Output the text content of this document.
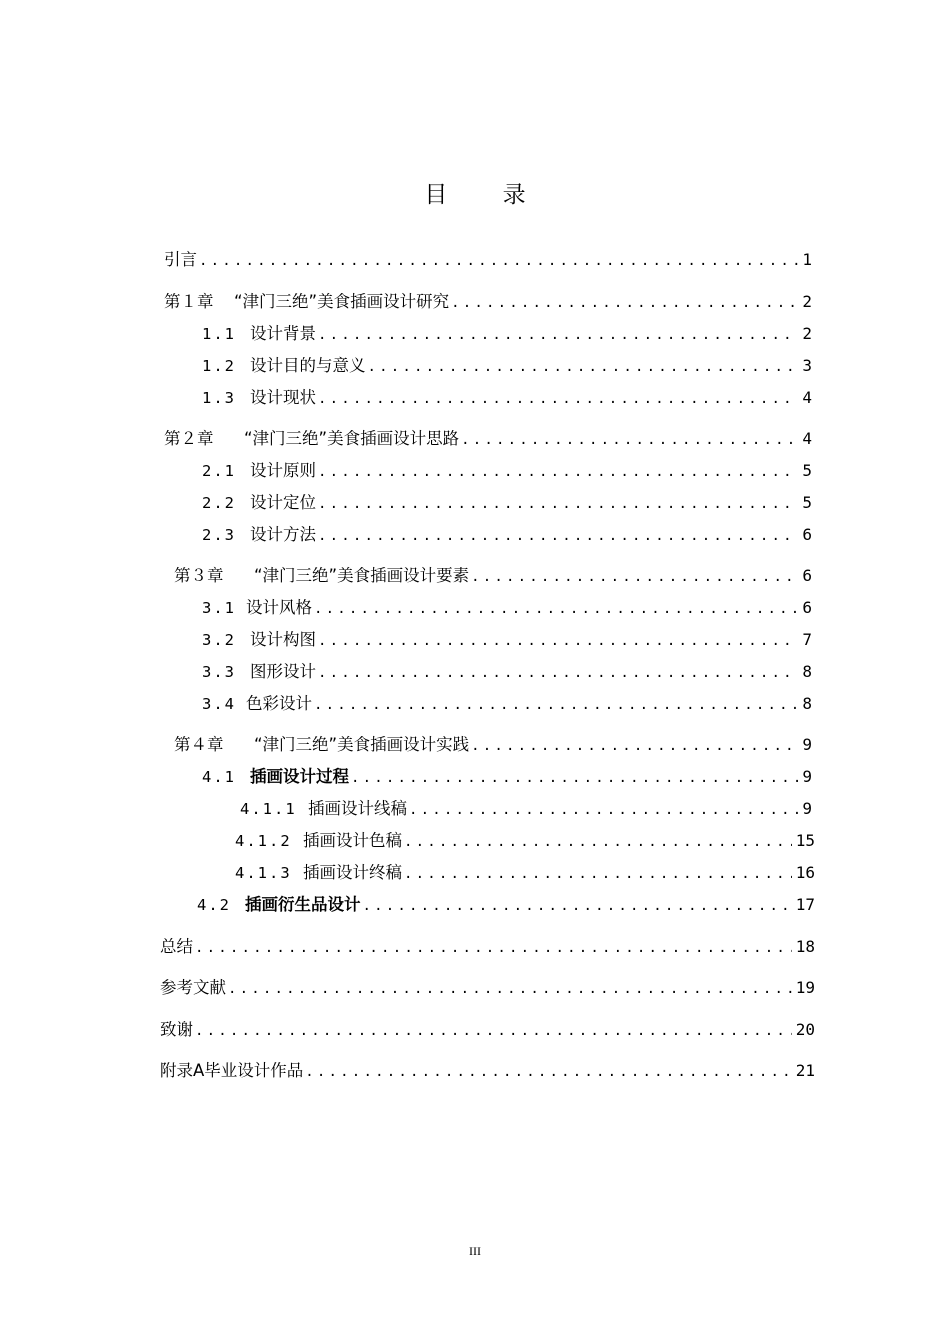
目 录
引言 .....	1
第１章	“津门三绝”美食插画设计研究 .....	2
1.1 设计背景 .....	2
1.2 设计目的与意义 .....	3
1.3 设计现状 .....	4
第２章	“津门三绝”美食插画设计思路 .....	4
2.1 设计原则 .....	5
2.2 设计定位 .....	5
2.3 设计方法 .....	6
第３章	“津门三绝”美食插画设计要素 .....	6
3.1 设计风格 .....	6
3.2 设计构图 .....	7
3.3 图形设计 .....	8
3.4 色彩设计 .....	8
第４章	“津门三绝”美食插画设计实践 .....	9
4.1 插画设计过程 .....	9
4.1.1 插画设计线稿 .....	9
4.1.2 插画设计色稿 .....	15
4.1.3 插画设计终稿 .....	16
4.2 插画衍生品设计 .....	17
总结 .....	18
参考文献 .....	19
致谢 .....	20
附录A毕业设计作品 .....	21
III
